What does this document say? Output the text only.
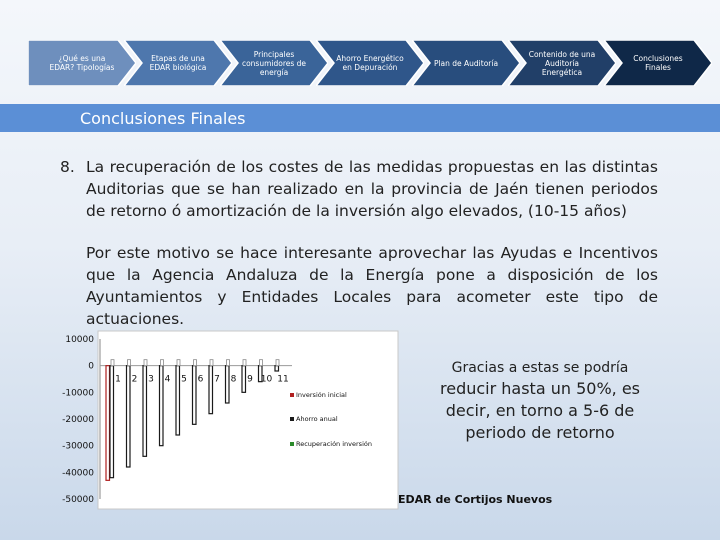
¿Qué es una EDAR? Tipologías
Etapas de una EDAR biológica
Principales consumidores de energía
Ahorro Energético en Depuración	Plan de Auditoría
Contenido de una Auditoría Energética
Conclusiones Finales
Conclusiones Finales
8. La recuperación de los costes de las medidas propuestas en las distintas Auditorias que se han realizado en la provincia de Jaén tienen periodos de retorno ó amortización de la inversión algo elevados, (10-15 años)
Por este motivo se hace interesante aprovechar las Ayudas e Incentivos que la Agencia Andaluza de la Energía pone a disposición de los Ayuntamientos y Entidades Locales para acometer este tipo de actuaciones.
10000
0
-10000
-20000
-30000
-40000
-50000
1 2 3 4 5 6 7 8 9 10 11
Inversión inicial
Ahorro anual
Recuperación inversión
Gracias a estas se podría
reducir hasta un 50%, es decir, en torno a 5-6 de periodo de retorno
EDAR de Cortijos Nuevos
